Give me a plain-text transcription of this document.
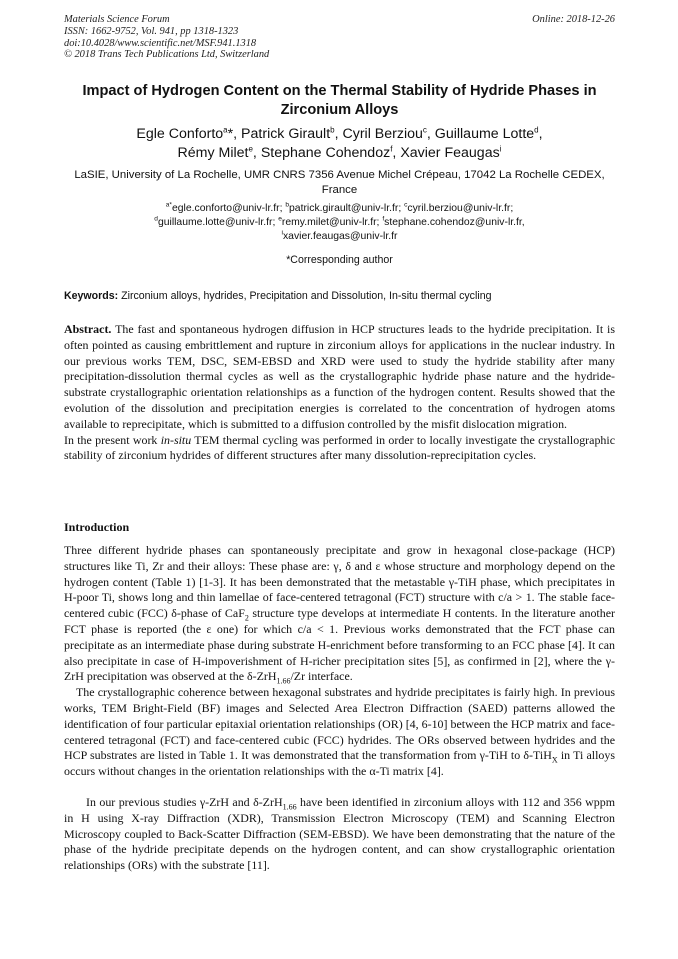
Materials Science Forum
ISSN: 1662-9752, Vol. 941, pp 1318-1323
doi:10.4028/www.scientific.net/MSF.941.1318
© 2018 Trans Tech Publications Ltd, Switzerland
Online: 2018-12-26
Impact of Hydrogen Content on the Thermal Stability of Hydride Phases in Zirconium Alloys
Egle Conforto$^a$*, Patrick Girault$^b$, Cyril Berziou$^c$, Guillaume Lotte$^d$,
Rémy Milet$^e$, Stephane Cohendoz$^f$, Xavier Feaugas$^i$
LaSIE, University of La Rochelle, UMR CNRS 7356 Avenue Michel Crépeau, 17042 La Rochelle CEDEX, France
$^{a*}$egle.conforto@univ-lr.fr; $^b$patrick.girault@univ-lr.fr; $^c$cyril.berziou@univ-lr.fr;
$^d$guillaume.lotte@univ-lr.fr; $^e$remy.milet@univ-lr.fr; $^f$stephane.cohendoz@univ-lr.fr,
$^i$xavier.feaugas@univ-lr.fr
*Corresponding author
Keywords: Zirconium alloys, hydrides, Precipitation and Dissolution, In-situ thermal cycling

Abstract. The fast and spontaneous hydrogen diffusion in HCP structures leads to the hydride precipitation. It is often pointed as causing embrittlement and rupture in zirconium alloys for applications in the nuclear industry. In our previous works TEM, DSC, SEM-EBSD and XRD were used to study the hydride stability after many precipitation-dissolution thermal cycles as well as the crystallographic hydride phase nature and the hydride-substrate crystallographic orientation relationships as a function of the hydrogen content. Results showed that the evolution of the dissolution and precipitation energies is correlated to the concentration of hydrogen atoms available to reprecipitate, which is submitted to a diffusion controlled by the misfit dislocation migration.

In the present work in-situ TEM thermal cycling was performed in order to locally investigate the crystallographic stability of zirconium hydrides of different structures after many dissolution-reprecipitation cycles.

Introduction

Three different hydride phases can spontaneously precipitate and grow in hexagonal close-package (HCP) structures like Ti, Zr and their alloys: These phase are: γ, δ and ε whose structure and morphology depend on the hydrogen content (Table 1) [1-3]. It has been demonstrated that the metastable γ-TiH phase, which precipitates in H-poor Ti, shows long and thin lamellae of face-centered tetragonal (FCT) structure with c/a > 1. The stable face-centered cubic (FCC) δ-phase of CaF$_2$ structure type develops at intermediate H contents. In the literature another FCT phase is reported (the ε one) for which c/a < 1. Previous works demonstrated that the FCT phase can precipitate as an intermediate phase during substrate H-enrichment before transforming to an FCC phase [4]. It can also precipitate in case of H-impoverishment of H-richer precipitation sites [5], as confirmed in [2], where the γ-ZrH precipitation was observed at the δ-ZrH$_{1.66}$/Zr interface.

The crystallographic coherence between hexagonal substrates and hydride precipitates is fairly high. In previous works, TEM Bright-Field (BF) images and Selected Area Electron Diffraction (SAED) patterns allowed the identification of four particular epitaxial orientation relationships (OR) [4, 6-10] between the HCP matrix and face-centered tetragonal (FCT) and face-centered cubic (FCC) hydrides. The ORs observed between hydrides and the HCP substrates are listed in Table 1. It was demonstrated that the transformation from γ-TiH to δ-TiH$_X$ in Ti alloys occurs without changes in the orientation relationships with the α-Ti matrix [4].

In our previous studies γ-ZrH and δ-ZrH$_{1.66}$ have been identified in zirconium alloys with 112 and 356 wppm in H using X-ray Diffraction (XDR), Transmission Electron Microscopy (TEM) and Scanning Electron Microscopy coupled to Back-Scatter Diffraction (SEM-EBSD). We have been demonstrating that the nature of the phase of the hydride precipitate depends on the hydrogen content, and can show crystallographic orientation relationships (ORs) with the substrate [11].
